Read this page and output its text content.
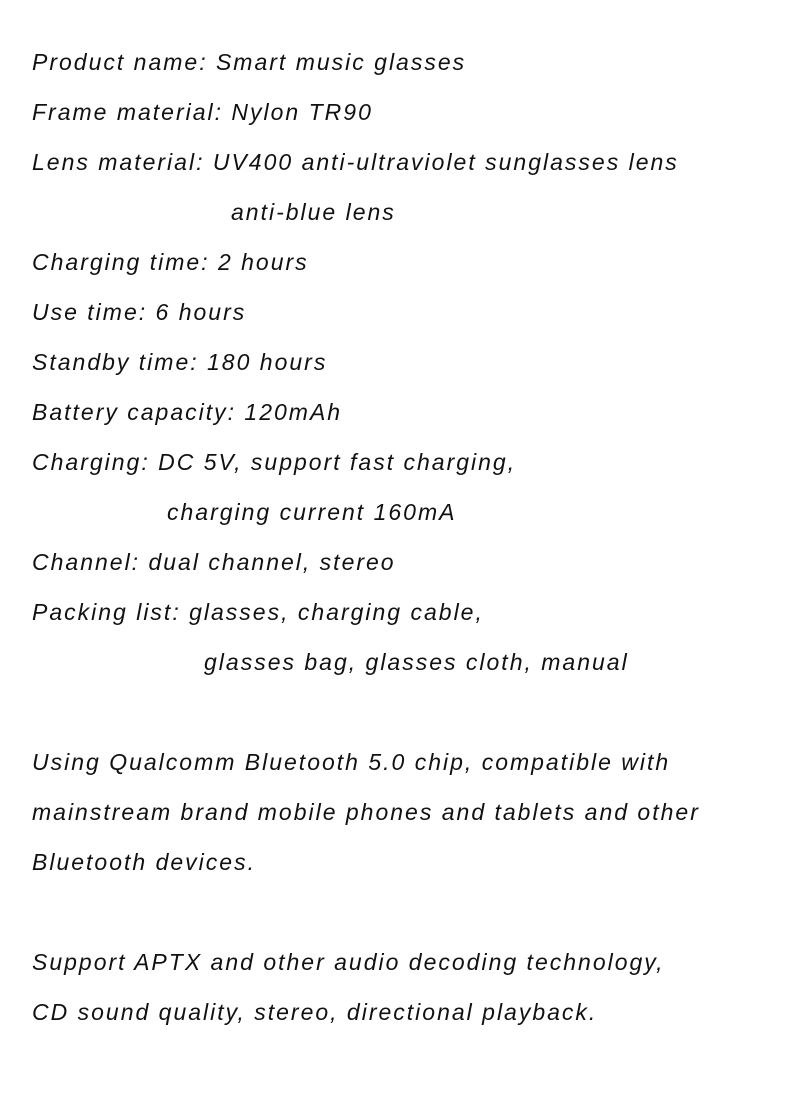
Product name: Smart music glasses
Frame material: Nylon TR90
Lens material: UV400 anti-ultraviolet sunglasses lens
anti-blue lens
Charging time: 2 hours
Use time: 6 hours
Standby time: 180 hours
Battery capacity: 120mAh
Charging: DC 5V, support fast charging,
charging current 160mA
Channel: dual channel, stereo
Packing list: glasses, charging cable,
glasses bag, glasses cloth, manual
Using Qualcomm Bluetooth 5.0 chip, compatible with
mainstream brand mobile phones and tablets and other
Bluetooth devices.
Support APTX and other audio decoding technology,
CD sound quality, stereo, directional playback.
